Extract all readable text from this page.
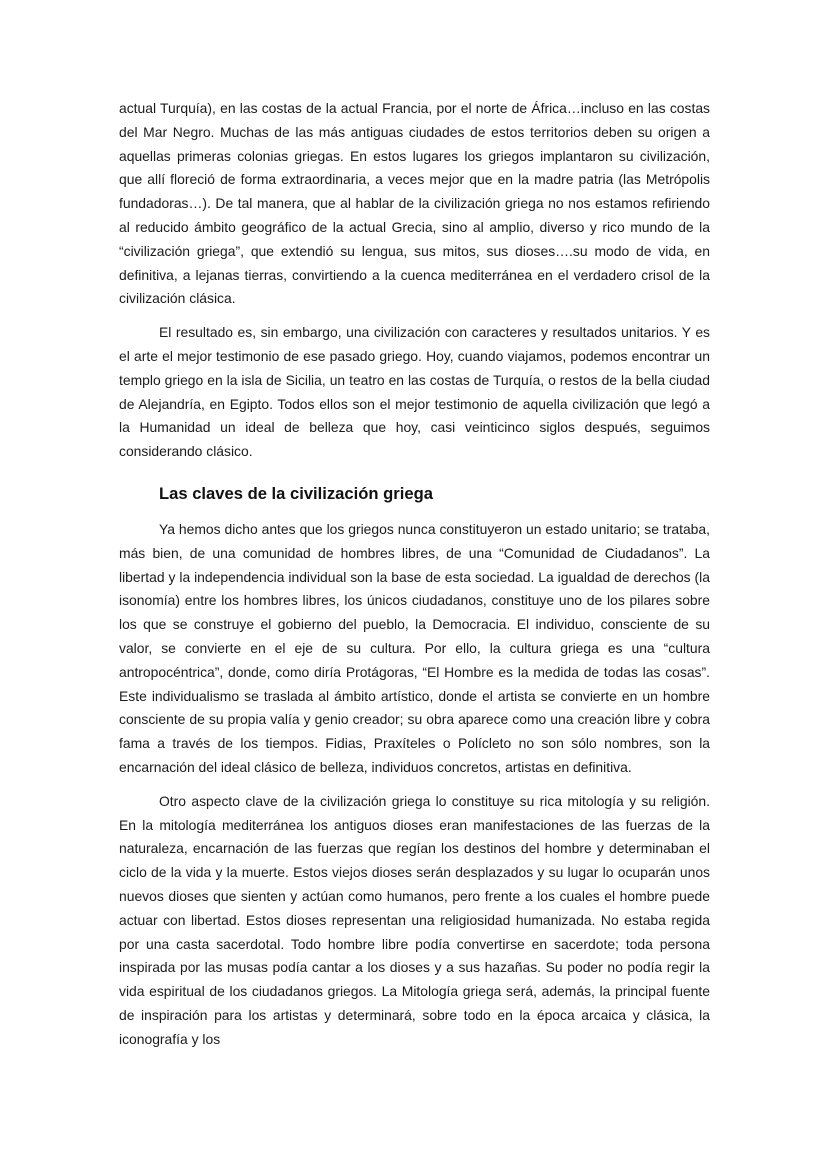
actual Turquía), en las costas de la actual Francia, por el norte de África…incluso en las costas del Mar Negro. Muchas de las más antiguas ciudades de estos territorios deben su origen a aquellas primeras colonias griegas. En estos lugares los griegos implantaron su civilización, que allí floreció de forma extraordinaria, a veces mejor que en la madre patria (las Metrópolis fundadoras…). De tal manera, que al hablar de la civilización griega no nos estamos refiriendo al reducido ámbito geográfico de la actual Grecia, sino al amplio, diverso y rico mundo de la “civilización griega”, que extendió su lengua, sus mitos, sus dioses….su modo de vida, en definitiva, a lejanas tierras, convirtiendo a la cuenca mediterránea en el verdadero crisol de la civilización clásica.

El resultado es, sin embargo, una civilización con caracteres y resultados unitarios. Y es el arte el mejor testimonio de ese pasado griego. Hoy, cuando viajamos, podemos encontrar un templo griego en la isla de Sicilia, un teatro en las costas de Turquía, o restos de la bella ciudad de Alejandría, en Egipto. Todos ellos son el mejor testimonio de aquella civilización que legó a la Humanidad un ideal de belleza que hoy, casi veinticinco siglos después, seguimos considerando clásico.

Las claves de la civilización griega

Ya hemos dicho antes que los griegos nunca constituyeron un estado unitario; se trataba, más bien, de una comunidad de hombres libres, de una “Comunidad de Ciudadanos”. La libertad y la independencia individual son la base de esta sociedad. La igualdad de derechos (la isonomía) entre los hombres libres, los únicos ciudadanos, constituye uno de los pilares sobre los que se construye el gobierno del pueblo, la Democracia. El individuo, consciente de su valor, se convierte en el eje de su cultura. Por ello, la cultura griega es una “cultura antropocéntrica”, donde, como diría Protágoras, “El Hombre es la medida de todas las cosas”. Este individualismo se traslada al ámbito artístico, donde el artista se convierte en un hombre consciente de su propia valía y genio creador; su obra aparece como una creación libre y cobra fama a través de los tiempos. Fidias, Praxíteles o Polícleto no son sólo nombres, son la encarnación del ideal clásico de belleza, individuos concretos, artistas en definitiva.

Otro aspecto clave de la civilización griega lo constituye su rica mitología y su religión. En la mitología mediterránea los antiguos dioses eran manifestaciones de las fuerzas de la naturaleza, encarnación de las fuerzas que regían los destinos del hombre y determinaban el ciclo de la vida y la muerte. Estos viejos dioses serán desplazados y su lugar lo ocuparán unos nuevos dioses que sienten y actúan como humanos, pero frente a los cuales el hombre puede actuar con libertad. Estos dioses representan una religiosidad humanizada. No estaba regida por una casta sacerdotal. Todo hombre libre podía convertirse en sacerdote; toda persona inspirada por las musas podía cantar a los dioses y a sus hazañas. Su poder no podía regir la vida espiritual de los ciudadanos griegos. La Mitología griega será, además, la principal fuente de inspiración para los artistas y determinará, sobre todo en la época arcaica y clásica, la iconografía y los
